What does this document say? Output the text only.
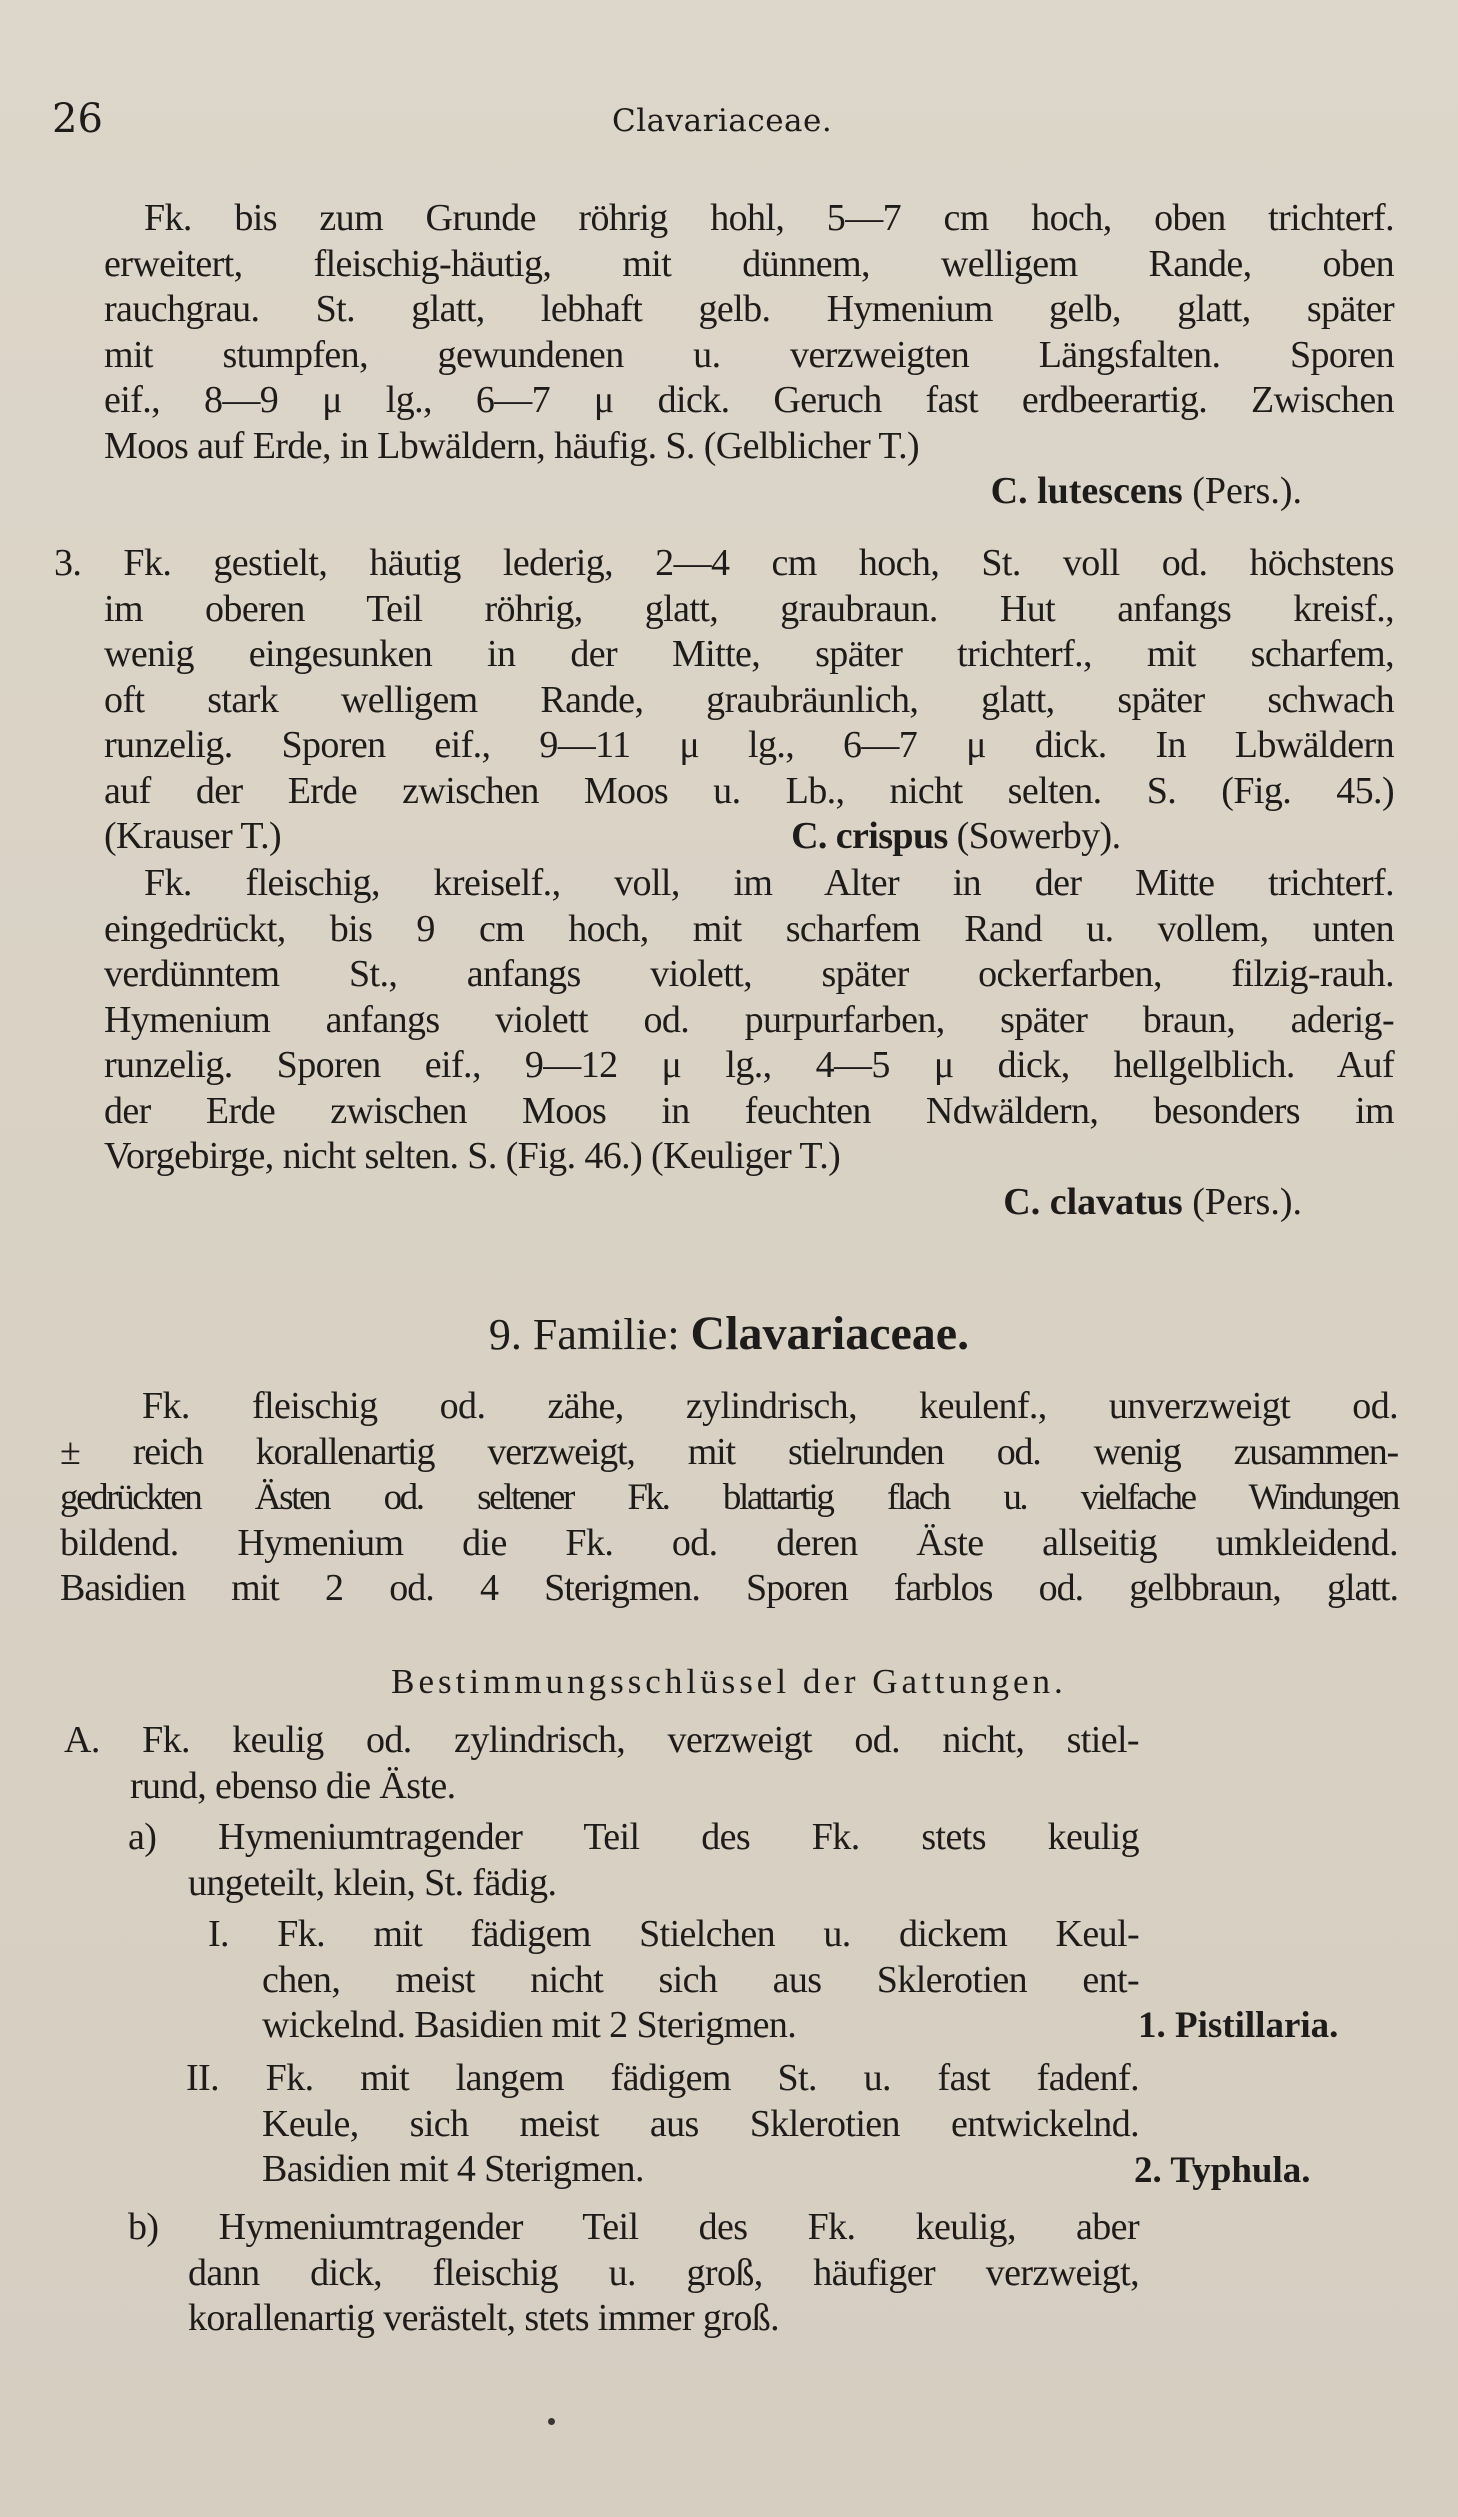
26	Clavariaceae.
Fk. bis zum Grunde röhrig hohl, 5—7 cm hoch, oben trichterf.
erweitert, fleischig-häutig, mit dünnem, welligem Rande, oben
rauchgrau. St. glatt, lebhaft gelb. Hymenium gelb, glatt, später
mit stumpfen, gewundenen u. verzweigten Längsfalten. Sporen
eif., 8—9 μ lg., 6—7 μ dick. Geruch fast erdbeerartig. Zwischen
Moos auf Erde, in Lbwäldern, häufig. S. (Gelblicher T.)
C. lutescens (Pers.).
3. Fk. gestielt, häutig lederig, 2—4 cm hoch, St. voll od. höchstens
im oberen Teil röhrig, glatt, graubraun. Hut anfangs kreisf.,
wenig eingesunken in der Mitte, später trichterf., mit scharfem,
oft stark welligem Rande, graubräunlich, glatt, später schwach
runzelig. Sporen eif., 9—11 μ lg., 6—7 μ dick. In Lbwäldern
auf der Erde zwischen Moos u. Lb., nicht selten. S. (Fig. 45.)
(Krauser T.)	C. crispus (Sowerby).
Fk. fleischig, kreiself., voll, im Alter in der Mitte trichterf.
eingedrückt, bis 9 cm hoch, mit scharfem Rand u. vollem, unten
verdünntem St., anfangs violett, später ockerfarben, filzig-rauh.
Hymenium anfangs violett od. purpurfarben, später braun, aderig-
runzelig. Sporen eif., 9—12 μ lg., 4—5 μ dick, hellgelblich. Auf
der Erde zwischen Moos in feuchten Ndwäldern, besonders im
Vorgebirge, nicht selten. S. (Fig. 46.) (Keuliger T.)
C. clavatus (Pers.).
9. Familie: Clavariaceae.
Fk. fleischig od. zähe, zylindrisch, keulenf., unverzweigt od.
± reich korallenartig verzweigt, mit stielrunden od. wenig zusammen-
gedrückten Ästen od. seltener Fk. blattartig flach u. vielfache Windungen
bildend. Hymenium die Fk. od. deren Äste allseitig umkleidend.
Basidien mit 2 od. 4 Sterigmen. Sporen farblos od. gelbbraun, glatt.
Bestimmungsschlüssel der Gattungen.
A. Fk. keulig od. zylindrisch, verzweigt od. nicht, stiel-
rund, ebenso die Äste.
a) Hymeniumtragender Teil des Fk. stets keulig
ungeteilt, klein, St. fädig.
I. Fk. mit fädigem Stielchen u. dickem Keul-
chen, meist nicht sich aus Sklerotien ent-
wickelnd. Basidien mit 2 Sterigmen.	1. Pistillaria.
II. Fk. mit langem fädigem St. u. fast fadenf.
Keule, sich meist aus Sklerotien entwickelnd.
Basidien mit 4 Sterigmen.	2. Typhula.
b) Hymeniumtragender Teil des Fk. keulig, aber
dann dick, fleischig u. groß, häufiger verzweigt,
korallenartig verästelt, stets immer groß.
